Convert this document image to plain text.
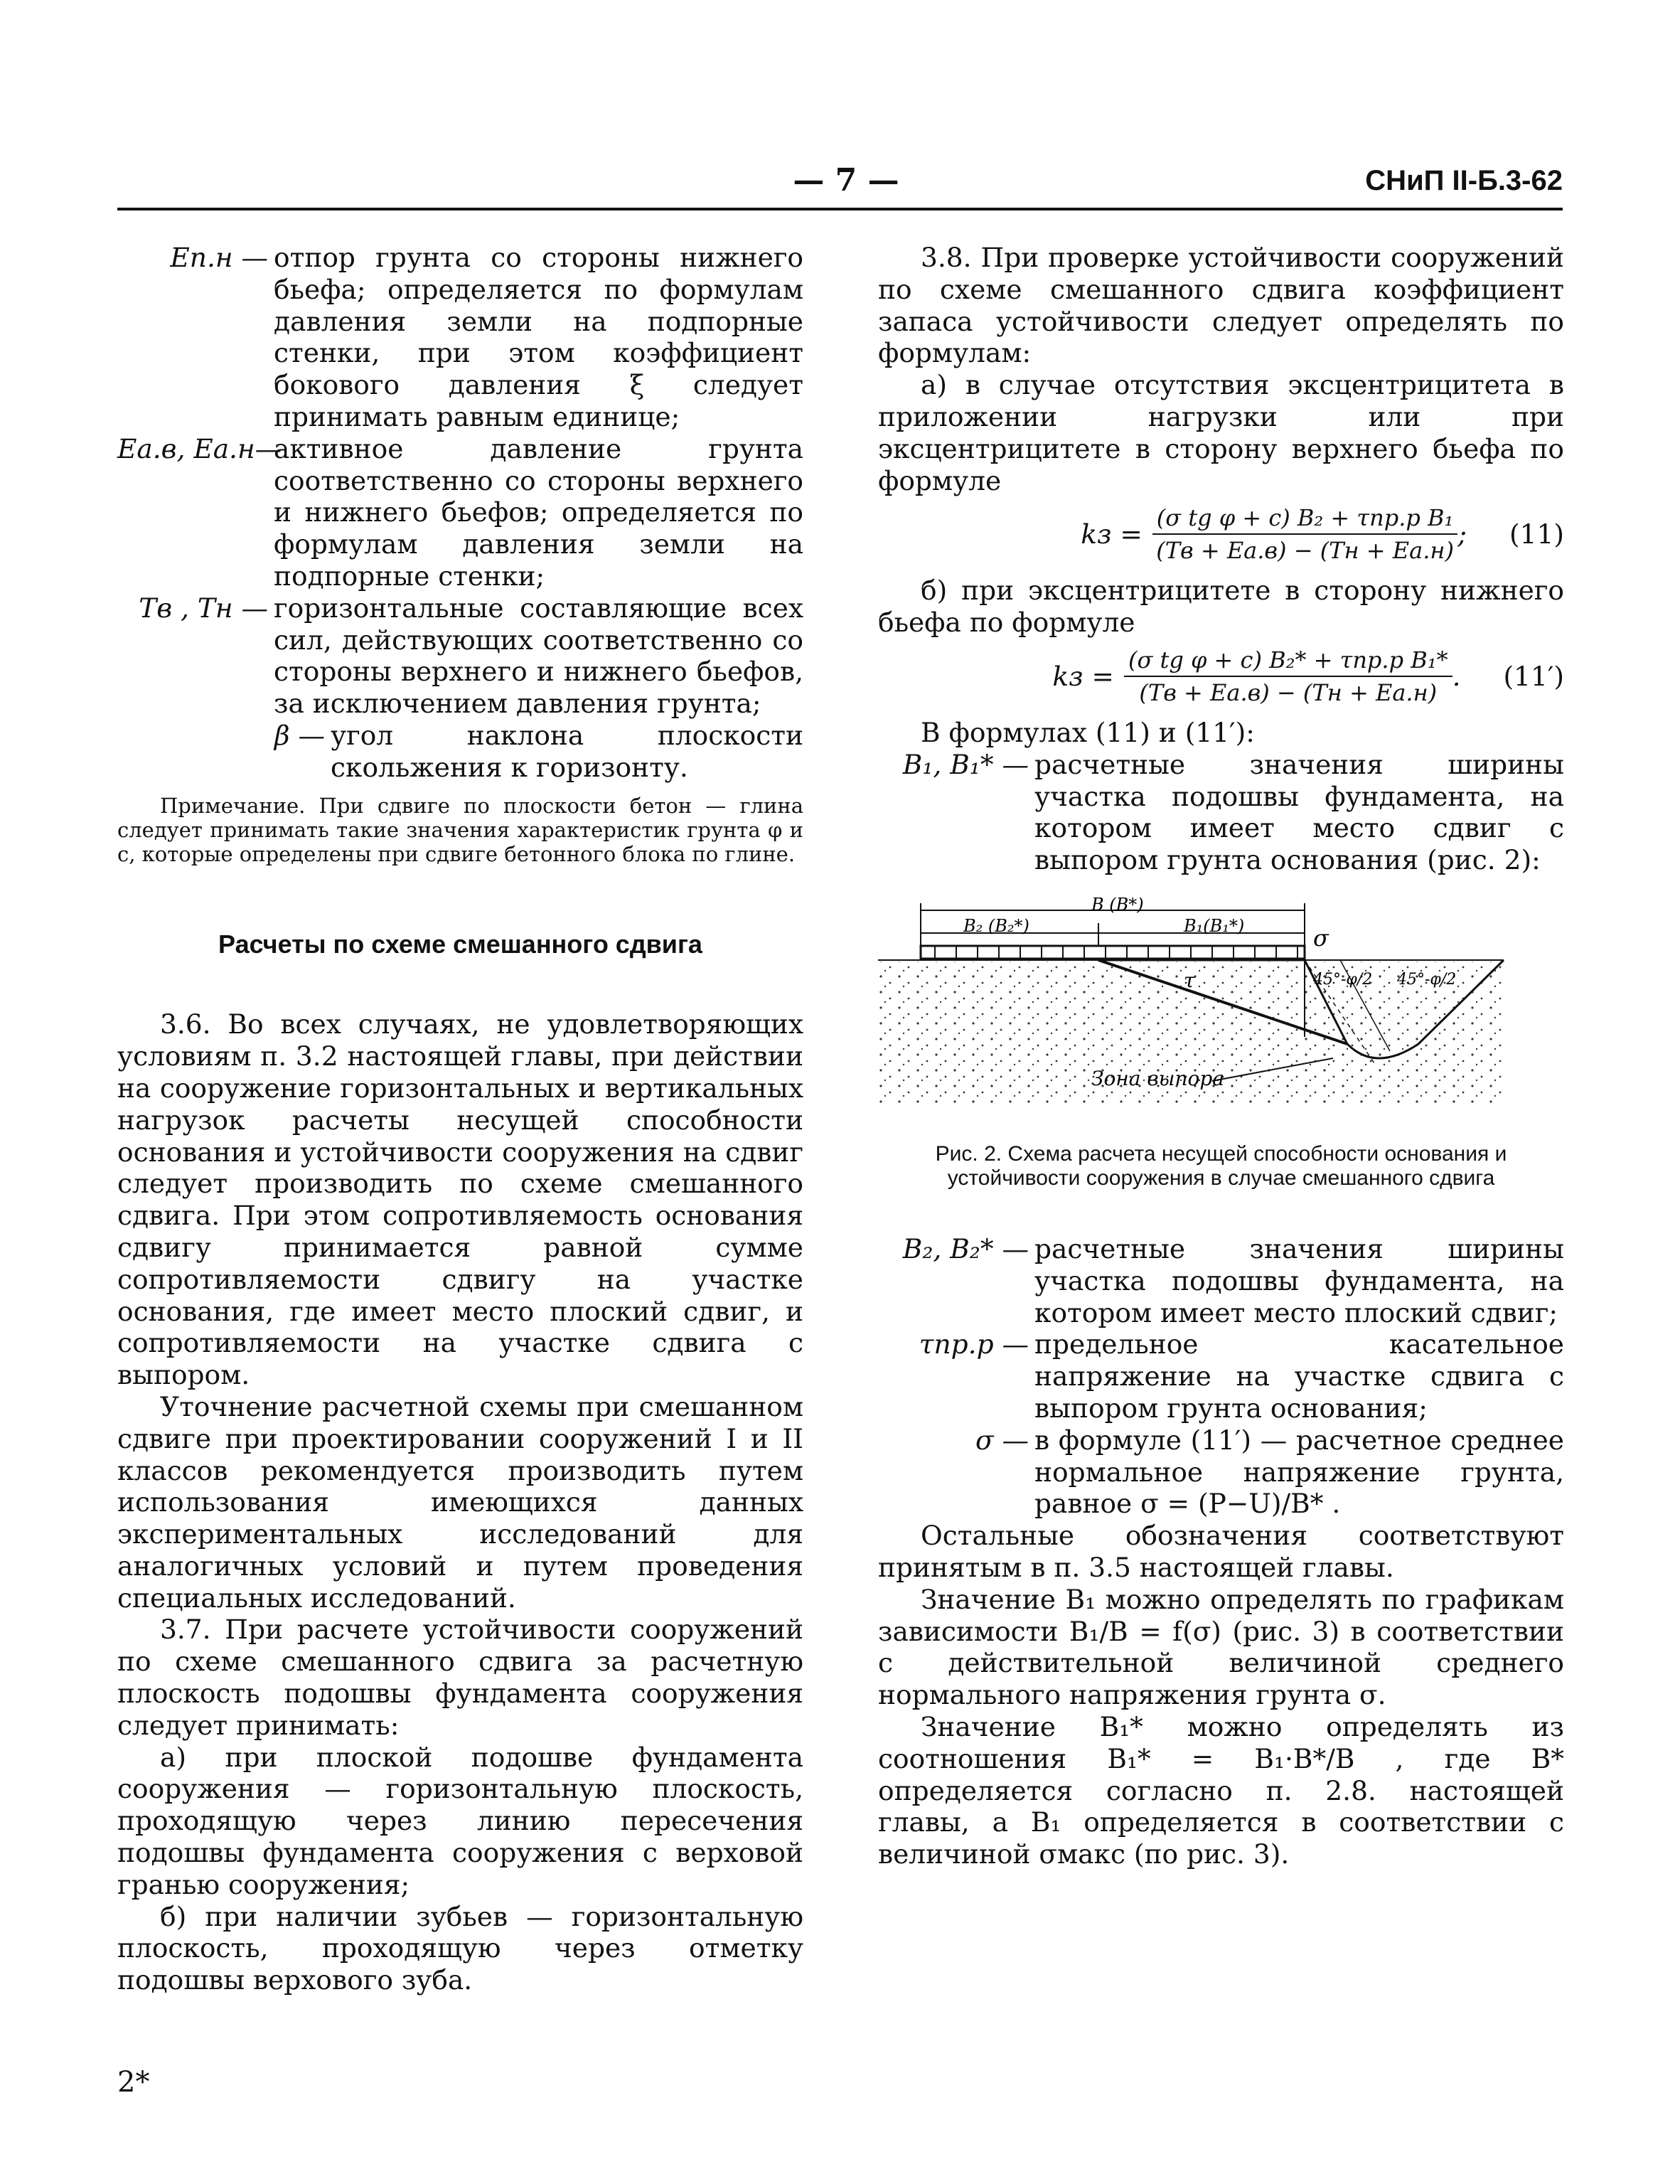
— 7 —	СНиП II-Б.3-62
Eп.н — отпор грунта со стороны нижнего бьефа; определяется по формулам давления земли на подпорные стенки, при этом коэффициент бокового давления ξ следует принимать равным единице;
Eа.в, Eа.н—
активное давление грунта соответственно со стороны верхнего и нижнего бьефов; определяется по формулам давления земли на подпорные стенки;
Tв , Tн — горизонтальные составляющие всех сил, действующих соответственно со стороны верхнего и нижнего бьефов, за исключением давления грунта;
β — угол наклона плоскости скольжения к горизонту.

Примечание. При сдвиге по плоскости бетон — глина следует принимать такие значения характеристик грунта φ и c, которые определены при сдвиге бетонного блока по глине.

Расчеты по схеме смешанного сдвига

3.6. Во всех случаях, не удовлетворяющих условиям п. 3.2 настоящей главы, при действии на сооружение горизонтальных и вертикальных нагрузок расчеты несущей способности основания и устойчивости сооружения на сдвиг следует производить по схеме смешанного сдвига. При этом сопротивляемость основания сдвигу принимается равной сумме сопротивляемости сдвигу на участке основания, где имеет место плоский сдвиг, и сопротивляемости на участке сдвига с выпором.

Уточнение расчетной схемы при смешанном сдвиге при проектировании сооружений I и II классов рекомендуется производить путем использования имеющихся данных экспериментальных исследований для аналогичных условий и путем проведения специальных исследований.

3.7. При расчете устойчивости сооружений по схеме смешанного сдвига за расчетную плоскость подошвы фундамента сооружения следует принимать:

а) при плоской подошве фундамента сооружения — горизонтальную плоскость, проходящую через линию пересечения подошвы фундамента сооружения с верховой гранью сооружения;

б) при наличии зубьев — горизонтальную плоскость, проходящую через отметку подошвы верхового зуба.

2*

3.8. При проверке устойчивости сооружений по схеме смешанного сдвига коэффициент запаса устойчивости следует определять по формулам:

а) в случае отсутствия эксцентрицитета в приложении нагрузки или при эксцентрицитете в сторону верхнего бьефа по формуле

kз = $\frac{\text{(σ tg φ + c) B₂ + τпр.р B₁}}{(Tв + Eа.в) - (Tн + Eа.н)}$ ; (11)

б) при эксцентрицитете в сторону нижнего бьефа по формуле

kз = $\frac{\text{(σ tg φ + c) B₂* + τпр.р B₁*}}{(Tв + Eа.в) - (Tн + Eа.н)}$ . (11′)

В формулах (11) и (11′):

B₁, B₁* — расчетные значения ширины участка подошвы фундамента, на котором имеет место сдвиг с выпором грунта основания (рис. 2):
B (B*)
B₂ (B₂*)	B₁(B₁*)	σ
τ	45°-φ/2 45°-φ/2
Зона выпора
Рис. 2. Схема расчета несущей способности основания и устойчивости сооружения в случае смешанного сдвига
B₂, B₂* — расчетные значения ширины участка подошвы фундамента, на котором имеет место плоский сдвиг;
τпр.р — предельное касательное напряжение на участке сдвига с выпором грунта основания;
σ — в формуле (11′) — расчетное среднее нормальное напряжение грунта, равное σ = (P−U)/B* .

Остальные обозначения соответствуют принятым в п. 3.5 настоящей главы.

Значение B₁ можно определять по графикам зависимости B₁/B = f(σ) (рис. 3) в соответствии с действительной величиной среднего нормального напряжения грунта σ.

Значение B₁* можно определять из соотношения B₁* = B₁·B*/B , где B* определяется согласно п. 2.8. настоящей главы, а B₁ определяется в соответствии с величиной σмакс (по рис. 3).
